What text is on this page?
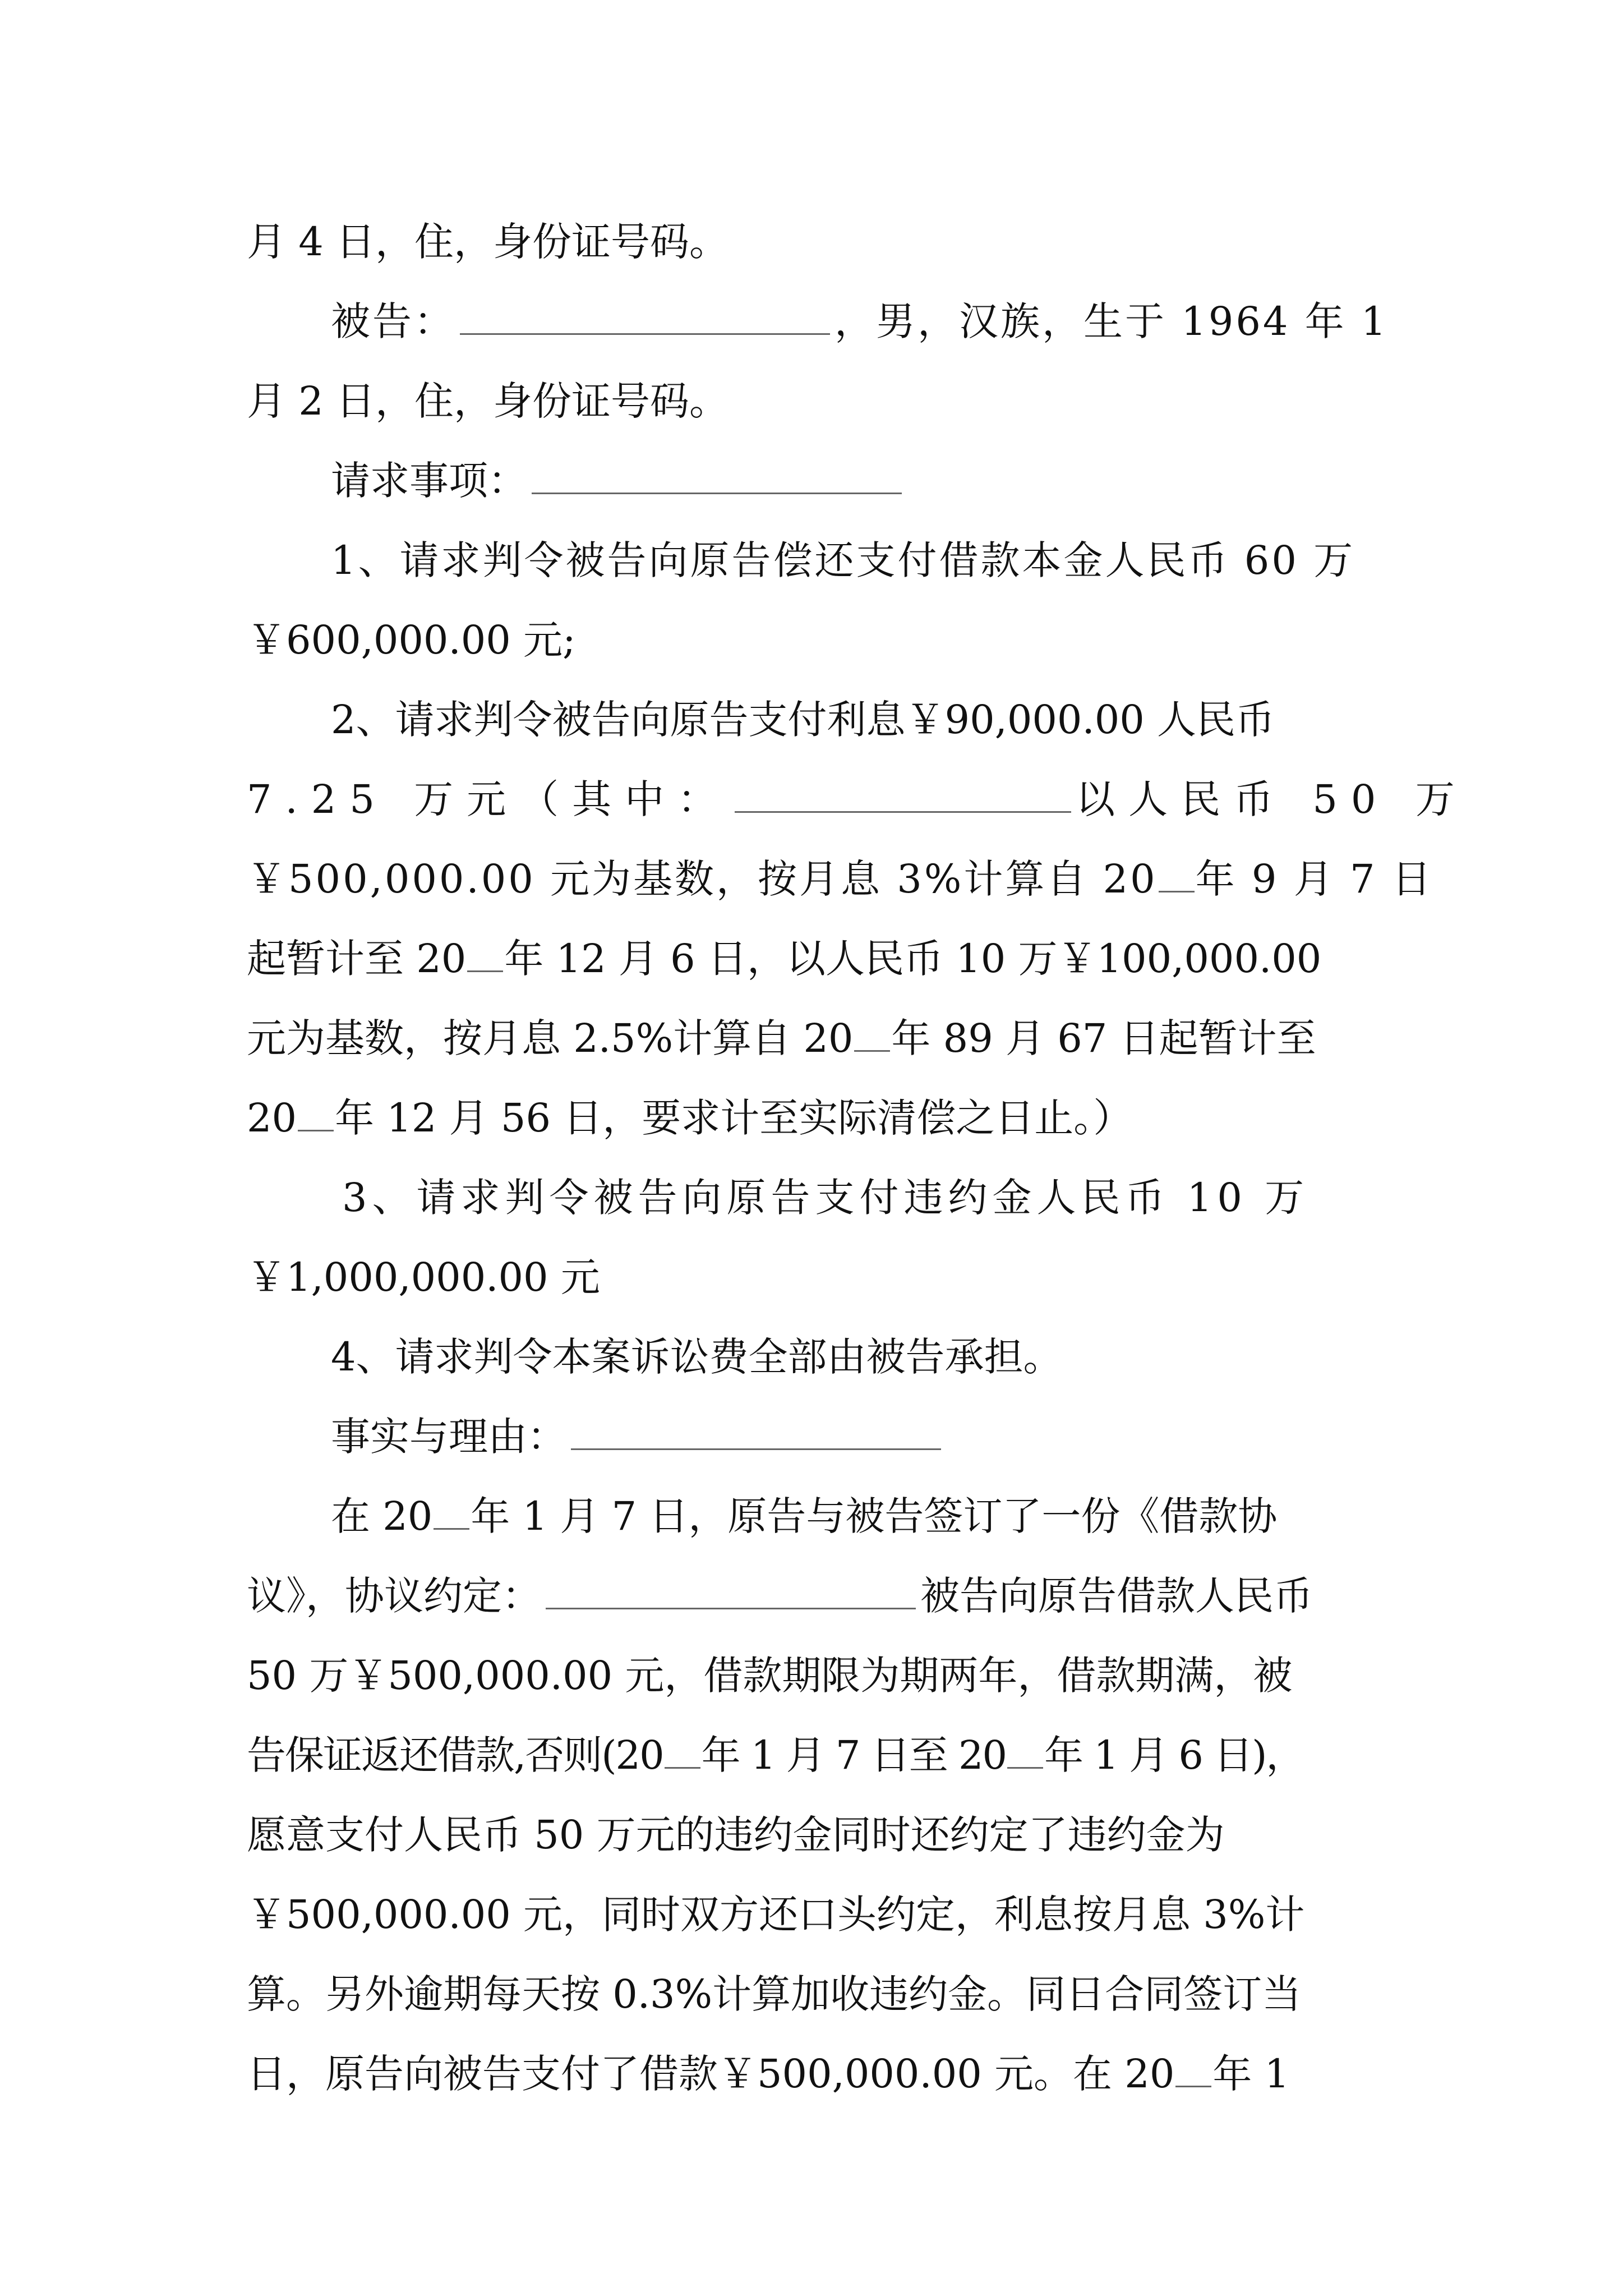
月 4 日，住，身份证号码。
被告：	，男，汉族，生于 1964 年 1
月 2 日，住，身份证号码。
请求事项：
1、请求判令被告向原告偿还支付借款本金人民币 60 万
￥600,000.00 元;
2、请求判令被告向原告支付利息￥90,000.00 人民币
7.25 万元（其中：	以人民币 50 万
￥500,000.00 元为基数，按月息 3%计算自 20 年 9 月 7 日
起暂计至 20 年 12 月 6 日，以人民币 10 万￥100,000.00
元为基数，按月息 2.5%计算自 20 年 89 月 67 日起暂计至
20 年 12 月 56 日，要求计至实际清偿之日止。）
3、请求判令被告向原告支付违约金人民币 10 万
￥1,000,000.00 元
4、请求判令本案诉讼费全部由被告承担。
事实与理由：
在 20 年 1 月 7 日，原告与被告签订了一份《借款协
议》，协议约定：	被告向原告借款人民币
50 万￥500,000.00 元，借款期限为期两年，借款期满，被
告保证返还借款,否则(20 年 1 月 7 日至 20 年 1 月 6 日)，
愿意支付人民币 50 万元的违约金同时还约定了违约金为
￥500,000.00 元，同时双方还口头约定，利息按月息 3%计
算。另外逾期每天按 0.3%计算加收违约金。同日合同签订当
日，原告向被告支付了借款￥500,000.00 元。在 20 年 1
